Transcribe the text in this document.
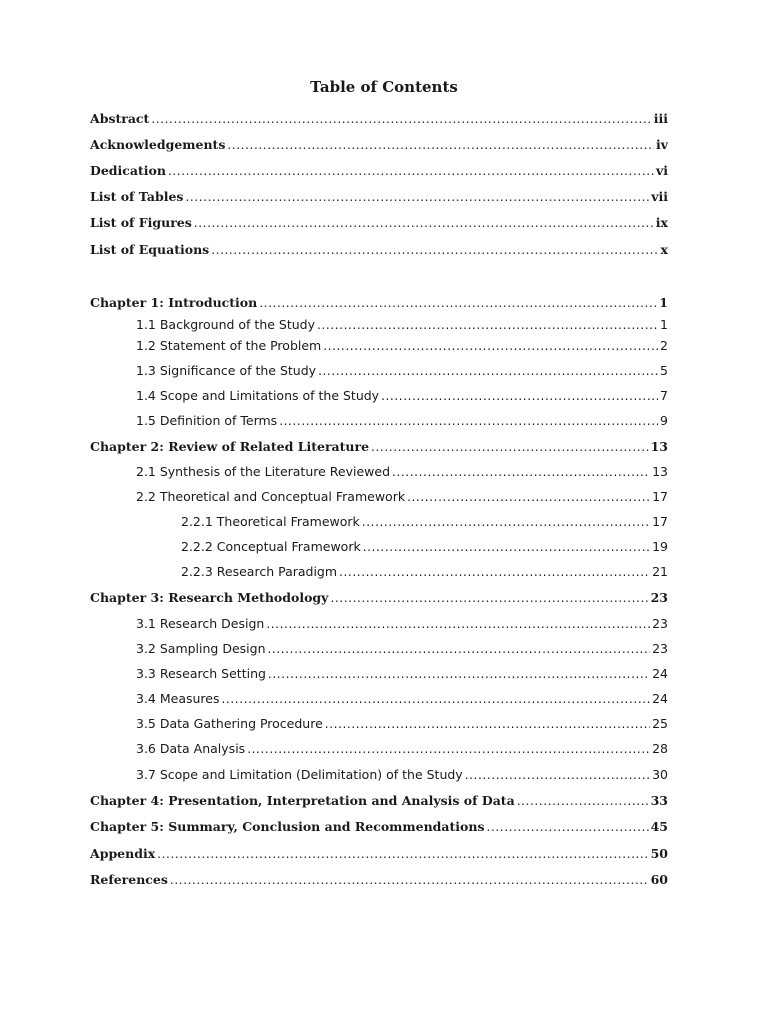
Table of Contents
Abstract . . .	iii
Acknowledgements . . .	iv
Dedication . . .	vi
List of Tables . . .	vii
List of Figures . . .	ix
List of Equations . . .	x
Chapter 1: Introduction . . .	1
1.1 Background of the Study . . .	1
1.2 Statement of the Problem . . .	2
1.3 Significance of the Study . . .	5
1.4 Scope and Limitations of the Study . . .	7
1.5 Definition of Terms . . .	9
Chapter 2: Review of Related Literature . . .	13
2.1 Synthesis of the Literature Reviewed . . .	13
2.2 Theoretical and Conceptual Framework . . .	17
2.2.1 Theoretical Framework . . .	17
2.2.2 Conceptual Framework . . .	19
2.2.3 Research Paradigm . . .	21
Chapter 3: Research Methodology . . .	23
3.1 Research Design . . .	23
3.2 Sampling Design . . .	23
3.3 Research Setting . . .	24
3.4 Measures . . .	24
3.5 Data Gathering Procedure . . .	25
3.6 Data Analysis . . .	28
3.7 Scope and Limitation (Delimitation) of the Study . . .	30
Chapter 4: Presentation, Interpretation and Analysis of Data . . .	33
Chapter 5: Summary, Conclusion and Recommendations . . .	45
Appendix . . .	50
References . . .	60
